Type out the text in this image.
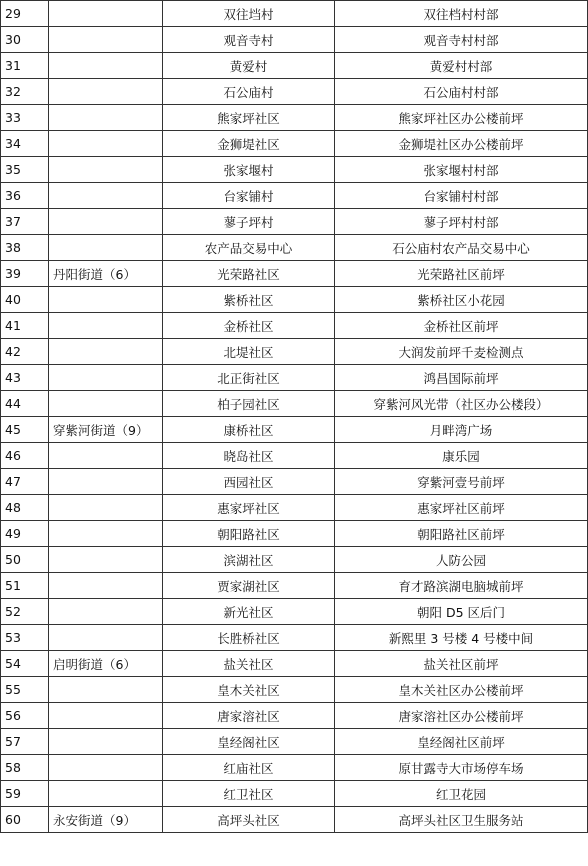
29		双往垱村	双往档村村部
30		观音寺村	观音寺村村部
31		黄爱村	黄爱村村部
32		石公庙村	石公庙村村部
33		熊家坪社区	熊家坪社区办公楼前坪
34		金狮堤社区	金狮堤社区办公楼前坪
35		张家堰村	张家堰村村部
36		台家铺村	台家铺村村部
37		蓼子坪村	蓼子坪村村部
38		农产品交易中心	石公庙村农产品交易中心
39	丹阳街道（6）	光荣路社区	光荣路社区前坪
40		紫桥社区	紫桥社区小花园
41		金桥社区	金桥社区前坪
42		北堤社区	大润发前坪千麦检测点
43		北正街社区	鸿昌国际前坪
44		柏子园社区	穿紫河风光带（社区办公楼段）
45	穿紫河街道（9）	康桥社区	月畔湾广场
46		晓岛社区	康乐园
47		西园社区	穿紫河壹号前坪
48		惠家坪社区	惠家坪社区前坪
49		朝阳路社区	朝阳路社区前坪
50		滨湖社区	人防公园
51		贾家湖社区	育才路滨湖电脑城前坪
52		新光社区	朝阳 D5 区后门
53		长胜桥社区	新熙里 3 号楼 4 号楼中间
54	启明街道（6）	盐关社区	盐关社区前坪
55		皇木关社区	皇木关社区办公楼前坪
56		唐家溶社区	唐家溶社区办公楼前坪
57		皇经阁社区	皇经阁社区前坪
58		红庙社区	原甘露寺大市场停车场
59		红卫社区	红卫花园
60	永安街道（9）	高坪头社区	高坪头社区卫生服务站
